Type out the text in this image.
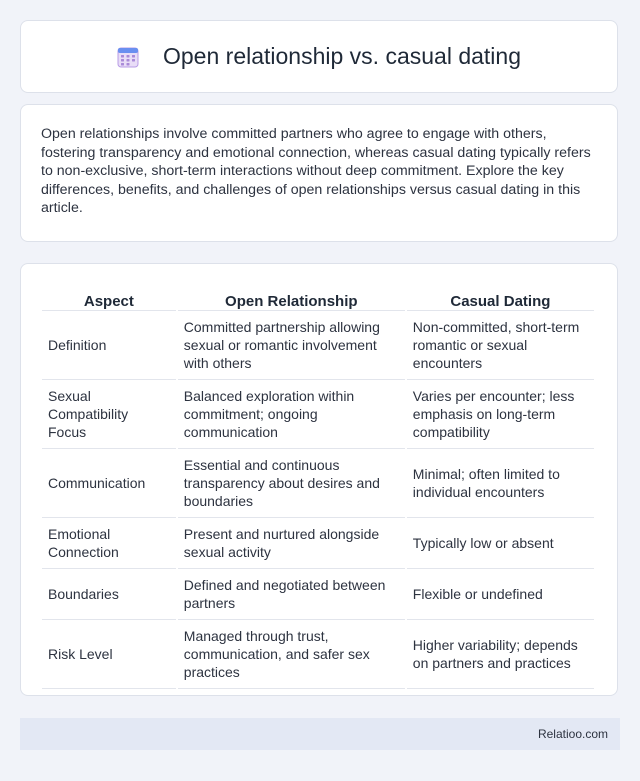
Open relationship vs. casual dating

Open relationships involve committed partners who agree to engage with others, fostering transparency and emotional connection, whereas casual dating typically refers to non-exclusive, short-term interactions without deep commitment. Explore the key differences, benefits, and challenges of open relationships versus casual dating in this article.

Aspect	Open Relationship	Casual Dating
Definition	Committed partnership allowing sexual or romantic involvement with others	Non-committed, short-term romantic or sexual encounters
Sexual Compatibility Focus	Balanced exploration within commitment; ongoing communication	Varies per encounter; less emphasis on long-term compatibility
Communication	Essential and continuous transparency about desires and boundaries	Minimal; often limited to individual encounters
Emotional Connection	Present and nurtured alongside sexual activity	Typically low or absent
Boundaries	Defined and negotiated between partners	Flexible or undefined
Risk Level	Managed through trust, communication, and safer sex practices	Higher variability; depends on partners and practices
Relatioo.com
